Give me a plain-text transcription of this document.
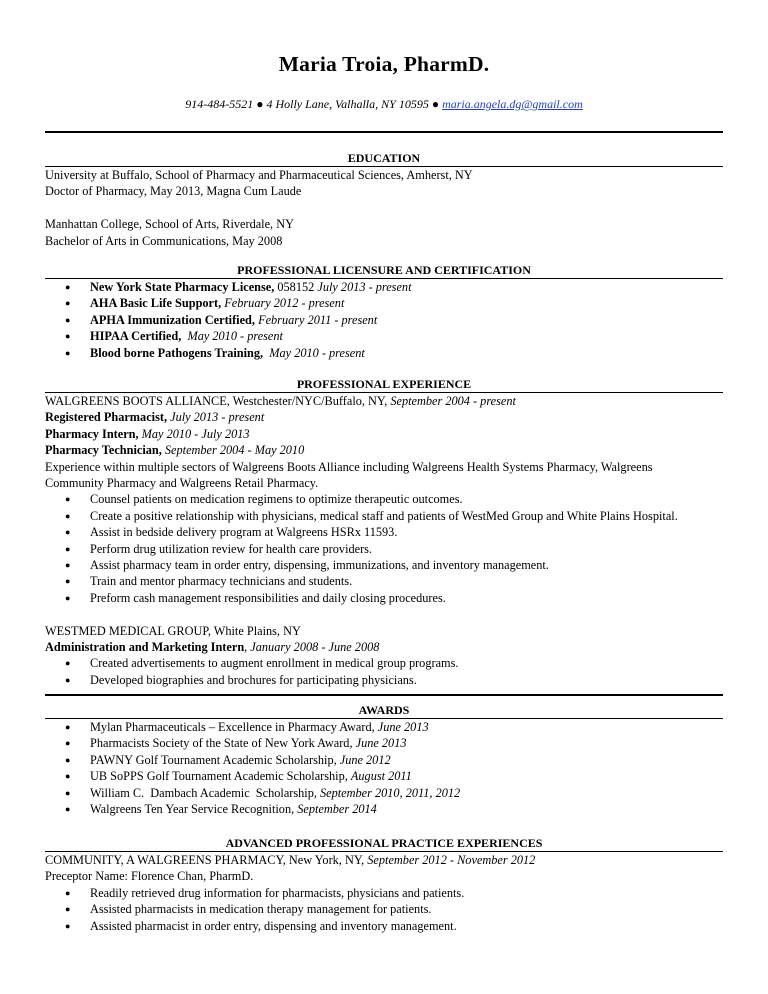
Maria Troia, PharmD.
914-484-5521 ● 4 Holly Lane, Valhalla, NY 10595 ● maria.angela.dg@gmail.com
EDUCATION
University at Buffalo, School of Pharmacy and Pharmaceutical Sciences, Amherst, NY
Doctor of Pharmacy, May 2013, Magna Cum Laude
Manhattan College, School of Arts, Riverdale, NY
Bachelor of Arts in Communications, May 2008
PROFESSIONAL LICENSURE AND CERTIFICATION
● New York State Pharmacy License, 058152 July 2013 - present
● AHA Basic Life Support, February 2012 - present
● APHA Immunization Certified, February 2011 - present
● HIPAA Certified, May 2010 - present
● Blood borne Pathogens Training, May 2010 - present
PROFESSIONAL EXPERIENCE
WALGREENS BOOTS ALLIANCE, Westchester/NYC/Buffalo, NY, September 2004 - present
Registered Pharmacist, July 2013 - present
Pharmacy Intern, May 2010 - July 2013
Pharmacy Technician, September 2004 - May 2010
Experience within multiple sectors of Walgreens Boots Alliance including Walgreens Health Systems Pharmacy, Walgreens
Community Pharmacy and Walgreens Retail Pharmacy.
● Counsel patients on medication regimens to optimize therapeutic outcomes.
● Create a positive relationship with physicians, medical staff and patients of WestMed Group and White Plains Hospital.
● Assist in bedside delivery program at Walgreens HSRx 11593.
● Perform drug utilization review for health care providers.
● Assist pharmacy team in order entry, dispensing, immunizations, and inventory management.
● Train and mentor pharmacy technicians and students.
● Preform cash management responsibilities and daily closing procedures.
WESTMED MEDICAL GROUP, White Plains, NY
Administration and Marketing Intern, January 2008 - June 2008
● Created advertisements to augment enrollment in medical group programs.
● Developed biographies and brochures for participating physicians.
AWARDS
● Mylan Pharmaceuticals – Excellence in Pharmacy Award, June 2013
● Pharmacists Society of the State of New York Award, June 2013
● PAWNY Golf Tournament Academic Scholarship, June 2012
● UB SoPPS Golf Tournament Academic Scholarship, August 2011
● William C.  Dambach Academic  Scholarship, September 2010, 2011, 2012
● Walgreens Ten Year Service Recognition, September 2014
ADVANCED PROFESSIONAL PRACTICE EXPERIENCES
COMMUNITY, A WALGREENS PHARMACY, New York, NY, September 2012 - November 2012
Preceptor Name: Florence Chan, PharmD.
● Readily retrieved drug information for pharmacists, physicians and patients.
● Assisted pharmacists in medication therapy management for patients.
● Assisted pharmacist in order entry, dispensing and inventory management.
